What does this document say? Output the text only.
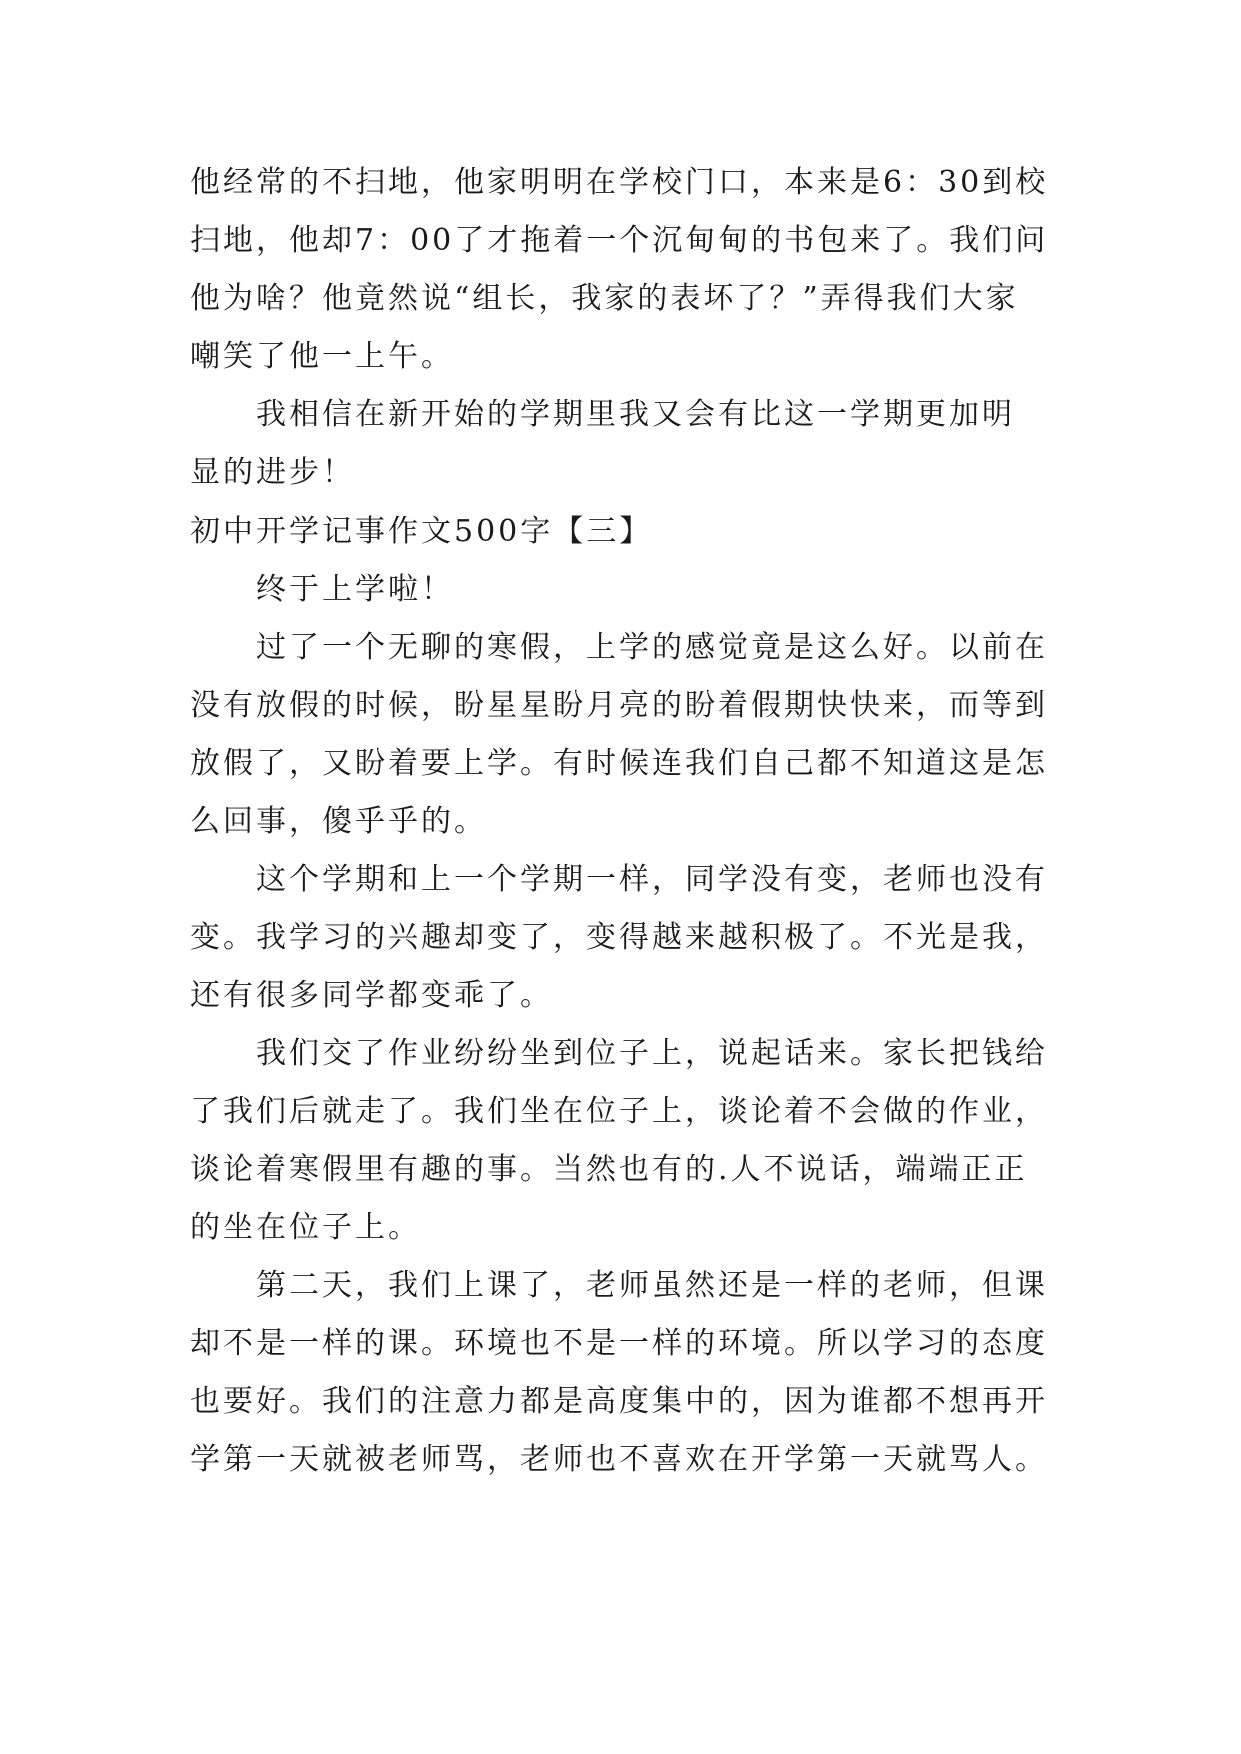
他经常的不扫地，他家明明在学校门口，本来是6：30到校
扫地，他却7：00了才拖着一个沉甸甸的书包来了。我们问
他为啥？他竟然说“组长，我家的表坏了？”弄得我们大家
嘲笑了他一上午。
我相信在新开始的学期里我又会有比这一学期更加明
显的进步！
初中开学记事作文500字【三】
终于上学啦！
过了一个无聊的寒假，上学的感觉竟是这么好。以前在
没有放假的时候，盼星星盼月亮的盼着假期快快来，而等到
放假了，又盼着要上学。有时候连我们自己都不知道这是怎
么回事，傻乎乎的。
这个学期和上一个学期一样，同学没有变，老师也没有
变。我学习的兴趣却变了，变得越来越积极了。不光是我，
还有很多同学都变乖了。
我们交了作业纷纷坐到位子上，说起话来。家长把钱给
了我们后就走了。我们坐在位子上，谈论着不会做的作业，
谈论着寒假里有趣的事。当然也有的.人不说话，端端正正
的坐在位子上。
第二天，我们上课了，老师虽然还是一样的老师，但课
却不是一样的课。环境也不是一样的环境。所以学习的态度
也要好。我们的注意力都是高度集中的，因为谁都不想再开
学第一天就被老师骂，老师也不喜欢在开学第一天就骂人。
